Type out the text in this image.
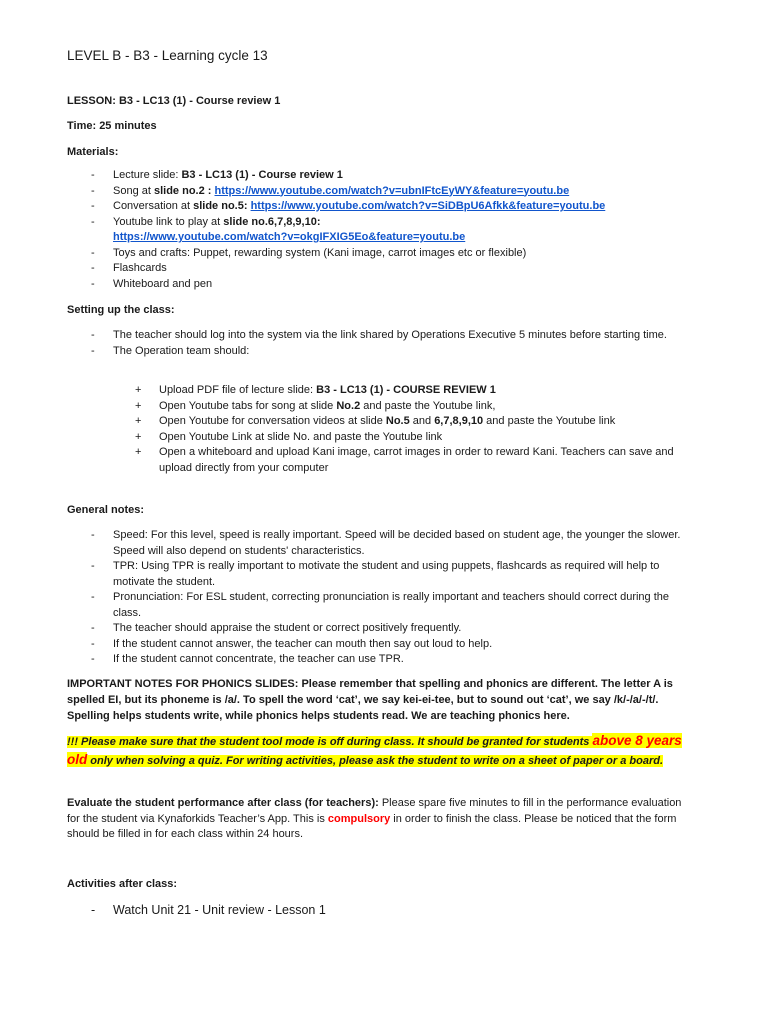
LEVEL B - B3 - Learning cycle 13
LESSON: B3 - LC13 (1) - Course review 1
Time: 25 minutes
Materials:
- Lecture slide: B3 - LC13 (1) - Course review 1
- Song at slide no.2 : https://www.youtube.com/watch?v=ubnIFtcEyWY&feature=youtu.be
- Conversation at slide no.5: https://www.youtube.com/watch?v=SiDBpU6Afkk&feature=youtu.be
- Youtube link to play at slide no.6,7,8,9,10:
https://www.youtube.com/watch?v=okgIFXIG5Eo&feature=youtu.be
- Toys and crafts: Puppet, rewarding system (Kani image, carrot images etc or flexible)
- Flashcards
- Whiteboard and pen
Setting up the class:
- The teacher should log into the system via the link shared by Operations Executive 5 minutes before starting time.
- The Operation team should:
+ Upload PDF file of lecture slide: B3 - LC13 (1) - COURSE REVIEW 1
+ Open Youtube tabs for song at slide No.2 and paste the Youtube link,
+ Open Youtube for conversation videos at slide No.5 and 6,7,8,9,10 and paste the Youtube link
+ Open Youtube Link at slide No. and paste the Youtube link
+ Open a whiteboard and upload Kani image, carrot images in order to reward Kani. Teachers can save and upload directly from your computer
General notes:
- Speed: For this level, speed is really important. Speed will be decided based on student age, the younger the slower. Speed will also depend on students' characteristics.
- TPR: Using TPR is really important to motivate the student and using puppets, flashcards as required will help to motivate the student.
- Pronunciation: For ESL student, correcting pronunciation is really important and teachers should correct during the class.
- The teacher should appraise the student or correct positively frequently.
- If the student cannot answer, the teacher can mouth then say out loud to help.
- If the student cannot concentrate, the teacher can use TPR.
IMPORTANT NOTES FOR PHONICS SLIDES: Please remember that spelling and phonics are different. The letter A is spelled EI, but its phoneme is /a/. To spell the word ‘cat’, we say kei-ei-tee, but to sound out ‘cat’, we say /k/-/a/-/t/. Spelling helps students write, while phonics helps students read. We are teaching phonics here.
!!! Please make sure that the student tool mode is off during class. It should be granted for students above 8 years old only when solving a quiz. For writing activities, please ask the student to write on a sheet of paper or a board.
Evaluate the student performance after class (for teachers): Please spare five minutes to fill in the performance evaluation for the student via Kynaforkids Teacher’s App. This is compulsory in order to finish the class. Please be noticed that the form should be filled in for each class within 24 hours.
Activities after class:
- Watch Unit 21 - Unit review - Lesson 1
